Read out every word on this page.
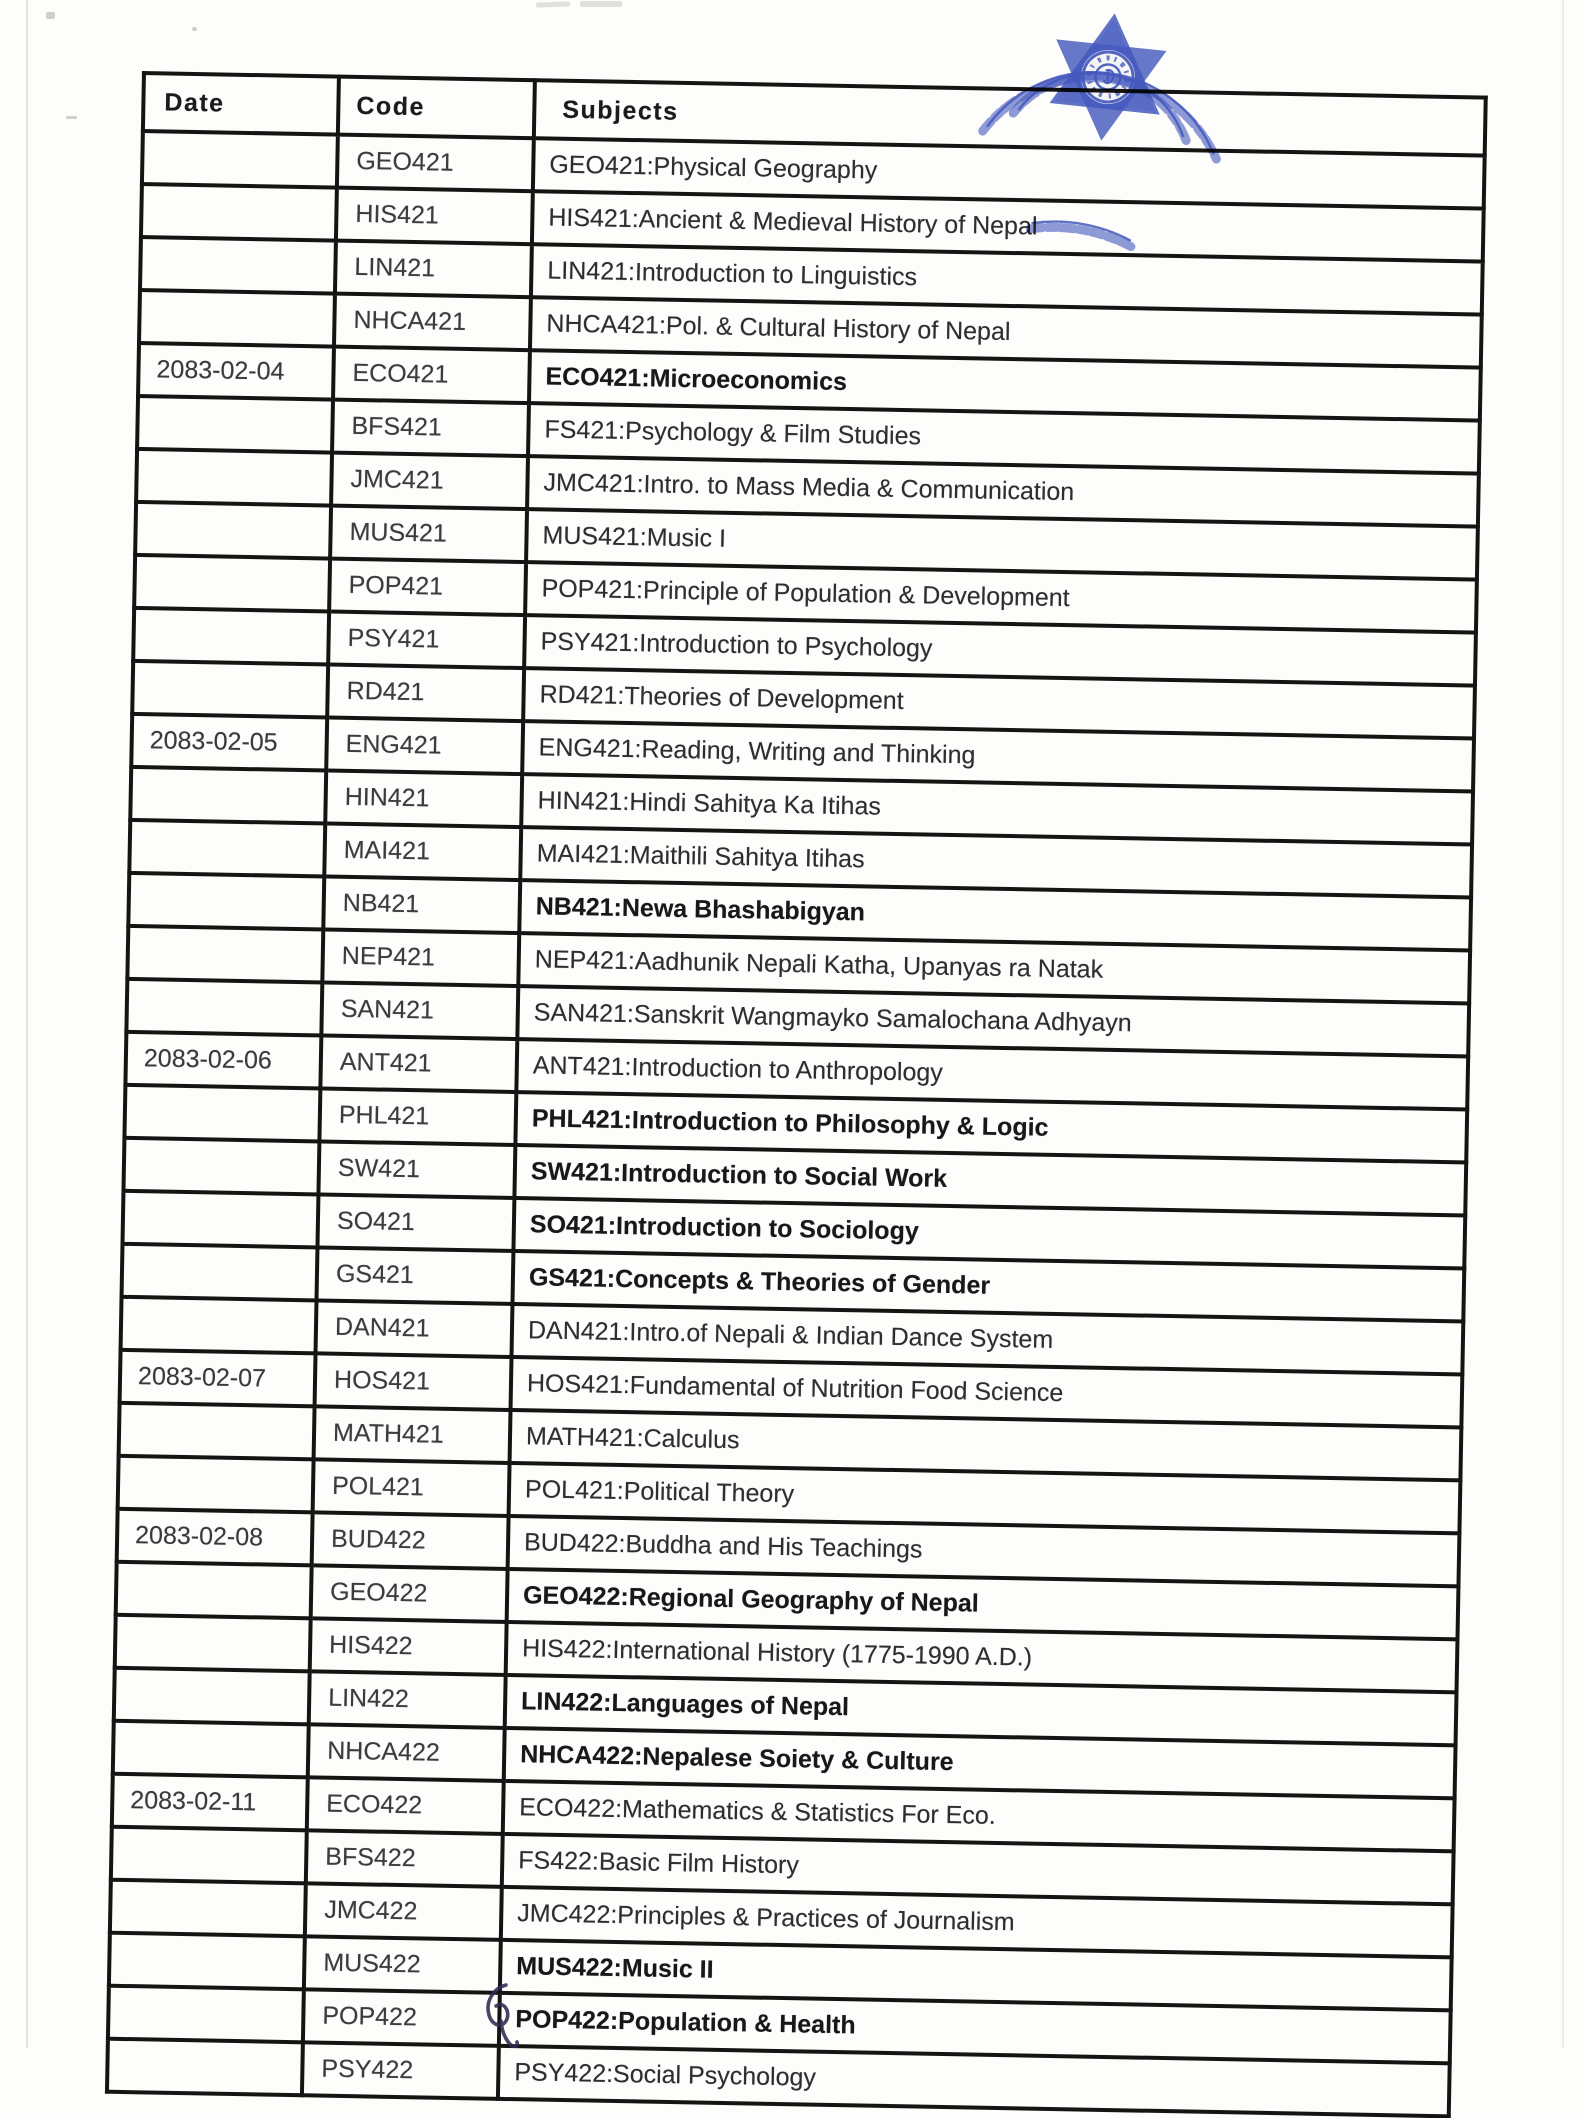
Date	Code	Subjects
	GEO421	GEO421:Physical Geography
	HIS421	HIS421:Ancient & Medieval History of Nepal
	LIN421	LIN421:Introduction to Linguistics
	NHCA421	NHCA421:Pol. & Cultural History of Nepal
2083-02-04	ECO421	ECO421:Microeconomics
	BFS421	FS421:Psychology & Film Studies
	JMC421	JMC421:Intro. to Mass Media & Communication
	MUS421	MUS421:Music I
	POP421	POP421:Principle of Population & Development
	PSY421	PSY421:Introduction to Psychology
	RD421	RD421:Theories of Development
2083-02-05	ENG421	ENG421:Reading, Writing and Thinking
	HIN421	HIN421:Hindi Sahitya Ka Itihas
	MAI421	MAI421:Maithili Sahitya Itihas
	NB421	NB421:Newa Bhashabigyan
	NEP421	NEP421:Aadhunik Nepali Katha, Upanyas ra Natak
	SAN421	SAN421:Sanskrit Wangmayko Samalochana Adhyayn
2083-02-06	ANT421	ANT421:Introduction to Anthropology
	PHL421	PHL421:Introduction to Philosophy & Logic
	SW421	SW421:Introduction to Social Work
	SO421	SO421:Introduction to Sociology
	GS421	GS421:Concepts & Theories of Gender
	DAN421	DAN421:Intro.of Nepali & Indian Dance System
2083-02-07	HOS421	HOS421:Fundamental of Nutrition Food Science
	MATH421	MATH421:Calculus
	POL421	POL421:Political Theory
2083-02-08	BUD422	BUD422:Buddha and His Teachings
	GEO422	GEO422:Regional Geography of Nepal
	HIS422	HIS422:International History (1775-1990 A.D.)
	LIN422	LIN422:Languages of Nepal
	NHCA422	NHCA422:Nepalese Soiety & Culture
2083-02-11	ECO422	ECO422:Mathematics & Statistics For Eco.
	BFS422	FS422:Basic Film History
	JMC422	JMC422:Principles & Practices of Journalism
	MUS422	MUS422:Music II
	POP422	POP422:Population & Health
	PSY422	PSY422:Social Psychology
